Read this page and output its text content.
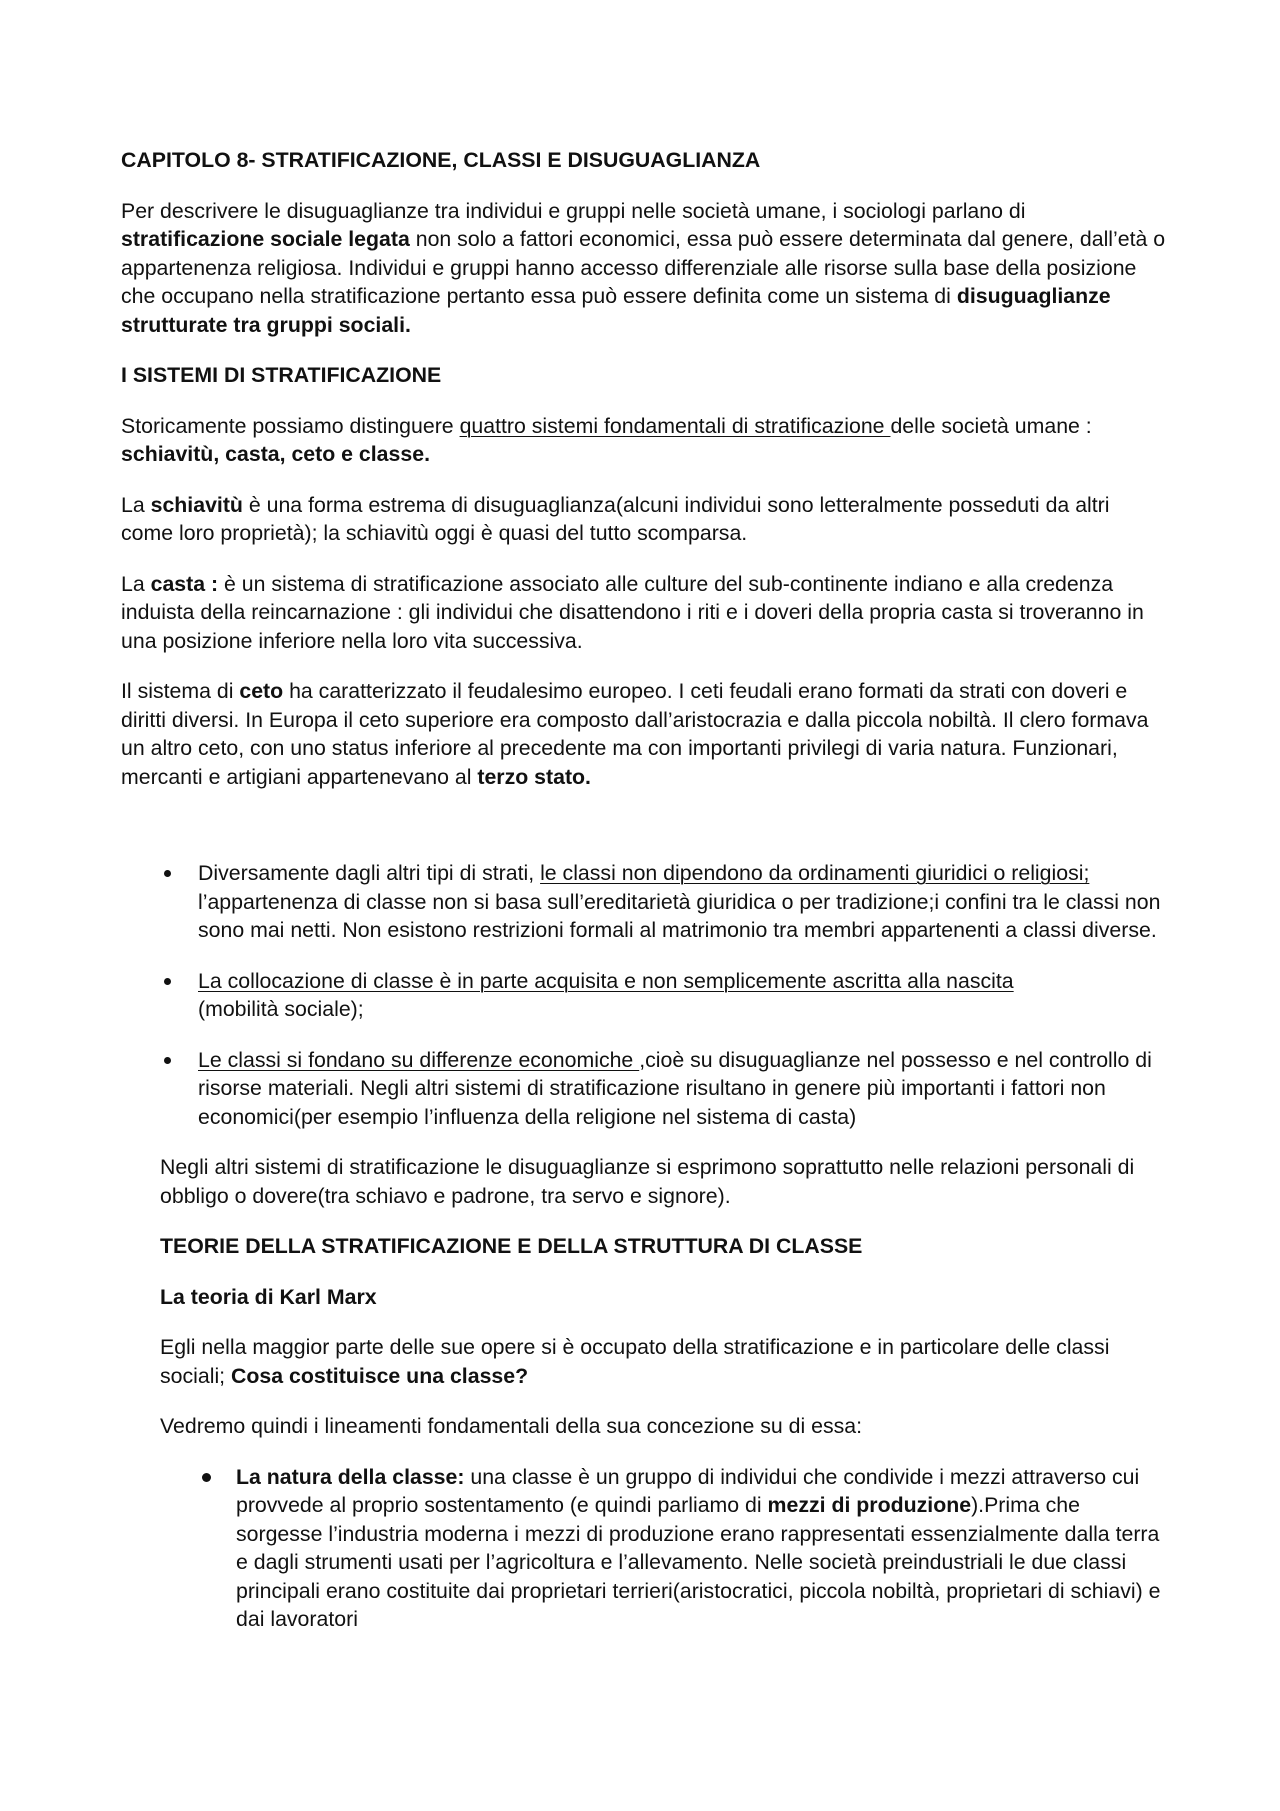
CAPITOLO 8- STRATIFICAZIONE, CLASSI E DISUGUAGLIANZA

Per descrivere le disuguaglianze tra individui e gruppi nelle società umane, i sociologi parlano di stratificazione sociale legata non solo a fattori economici, essa può essere determinata dal genere, dall’età o appartenenza religiosa. Individui e gruppi hanno accesso differenziale alle risorse sulla base della posizione che occupano nella stratificazione pertanto essa può essere definita come un sistema di disuguaglianze strutturate tra gruppi sociali.

I SISTEMI DI STRATIFICAZIONE

Storicamente possiamo distinguere quattro sistemi fondamentali di stratificazione delle società umane : schiavitù, casta, ceto e classe.

La schiavitù è una forma estrema di disuguaglianza(alcuni individui sono letteralmente posseduti da altri come loro proprietà); la schiavitù oggi è quasi del tutto scomparsa.

La casta : è un sistema di stratificazione associato alle culture del sub-continente indiano e alla credenza induista della reincarnazione : gli individui che disattendono i riti e i doveri della propria casta si troveranno in una posizione inferiore nella loro vita successiva.

Il sistema di ceto ha caratterizzato il feudalesimo europeo. I ceti feudali erano formati da strati con doveri e diritti diversi. In Europa il ceto superiore era composto dall’aristocrazia e dalla piccola nobiltà. Il clero formava un altro ceto, con uno status inferiore al precedente ma con importanti privilegi di varia natura. Funzionari, mercanti e artigiani appartenevano al terzo stato.

Diversamente dagli altri tipi di strati, le classi non dipendono da ordinamenti giuridici o religiosi; l’appartenenza di classe non si basa sull’ereditarietà giuridica o per tradizione;i confini tra le classi non sono mai netti. Non esistono restrizioni formali al matrimonio tra membri appartenenti a classi diverse.
La collocazione di classe è in parte acquisita e non semplicemente ascritta alla nascita
(mobilità sociale);
Le classi si fondano su differenze economiche ,cioè su disuguaglianze nel possesso e nel controllo di risorse materiali. Negli altri sistemi di stratificazione risultano in genere più importanti i fattori non economici(per esempio l’influenza della religione nel sistema di casta)

Negli altri sistemi di stratificazione le disuguaglianze si esprimono soprattutto nelle relazioni personali di obbligo o dovere(tra schiavo e padrone, tra servo e signore).

TEORIE DELLA STRATIFICAZIONE E DELLA STRUTTURA DI CLASSE

La teoria di Karl Marx

Egli nella maggior parte delle sue opere si è occupato della stratificazione e in particolare delle classi sociali; Cosa costituisce una classe?

Vedremo quindi i lineamenti fondamentali della sua concezione su di essa:

La natura della classe: una classe è un gruppo di individui che condivide i mezzi attraverso cui provvede al proprio sostentamento (e quindi parliamo di mezzi di produzione).Prima che sorgesse l’industria moderna i mezzi di produzione erano rappresentati essenzialmente dalla terra e dagli strumenti usati per l’agricoltura e l’allevamento. Nelle società preindustriali le due classi principali erano costituite dai proprietari terrieri(aristocratici, piccola nobiltà, proprietari di schiavi) e dai lavoratori
